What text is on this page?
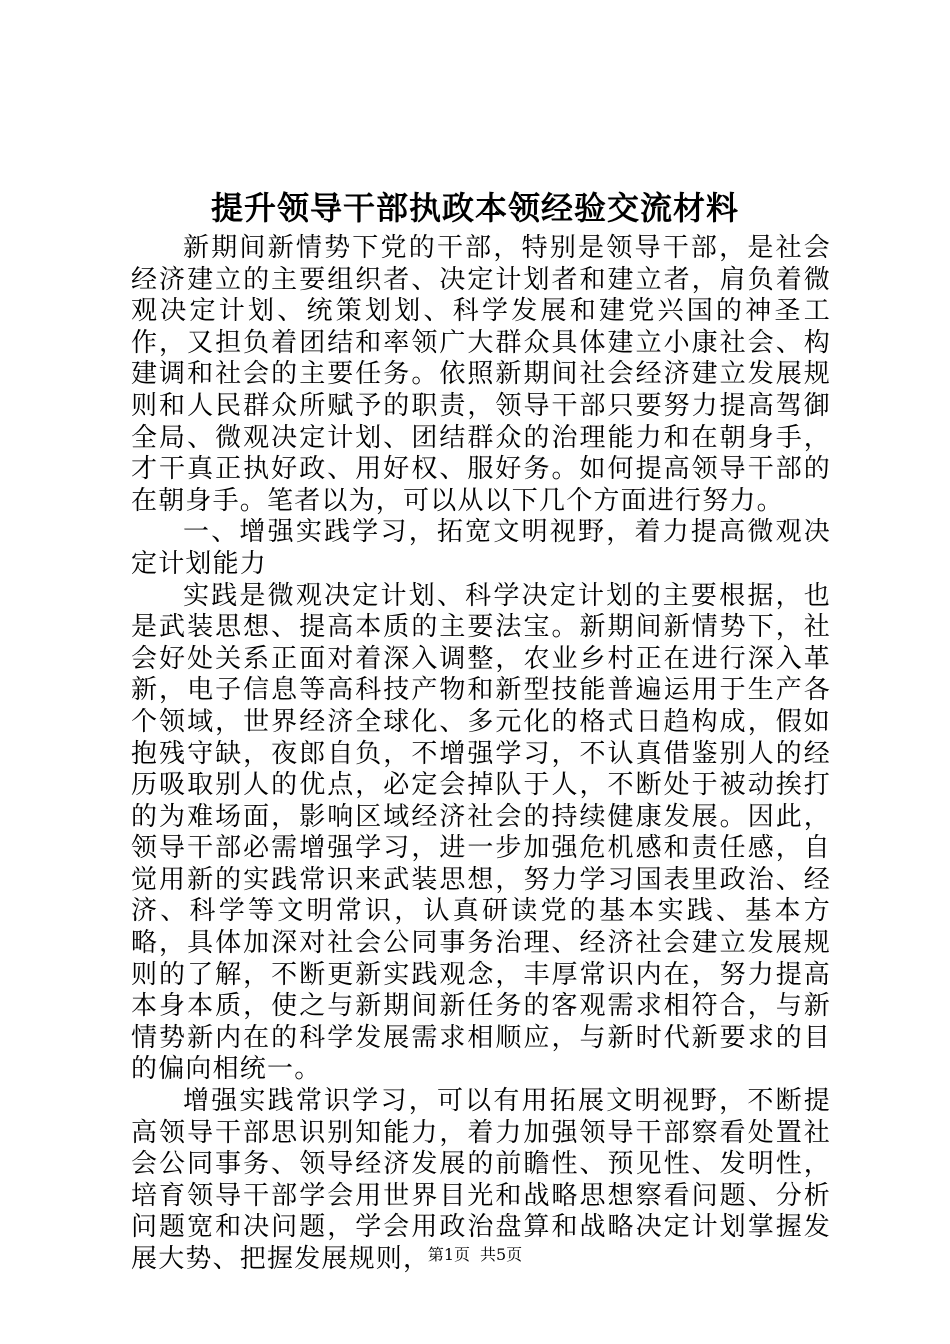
提升领导干部执政本领经验交流材料

新期间新情势下党的干部，特别是领导干部，是社会经济建立的主要组织者、决定计划者和建立者，肩负着微观决定计划、统策划划、科学发展和建党兴国的神圣工作，又担负着团结和率领广大群众具体建立小康社会、构建调和社会的主要任务。依照新期间社会经济建立发展规则和人民群众所赋予的职责，领导干部只要努力提高驾御全局、微观决定计划、团结群众的治理能力和在朝身手，才干真正执好政、用好权、服好务。如何提高领导干部的在朝身手。笔者以为，可以从以下几个方面进行努力。

一、增强实践学习，拓宽文明视野，着力提高微观决定计划能力

实践是微观决定计划、科学决定计划的主要根据，也是武装思想、提高本质的主要法宝。新期间新情势下，社会好处关系正面对着深入调整，农业乡村正在进行深入革新，电子信息等高科技产物和新型技能普遍运用于生产各个领域，世界经济全球化、多元化的格式日趋构成，假如抱残守缺，夜郎自负，不增强学习，不认真借鉴别人的经历吸取别人的优点，必定会掉队于人，不断处于被动挨打的为难场面，影响区域经济社会的持续健康发展。因此，领导干部必需增强学习，进一步加强危机感和责任感，自觉用新的实践常识来武装思想，努力学习国表里政治、经济、科学等文明常识，认真研读党的基本实践、基本方略，具体加深对社会公同事务治理、经济社会建立发展规则的了解，不断更新实践观念，丰厚常识内在，努力提高本身本质，使之与新期间新任务的客观需求相符合，与新情势新内在的科学发展需求相顺应，与新时代新要求的目的偏向相统一。

增强实践常识学习，可以有用拓展文明视野，不断提高领导干部思识别知能力，着力加强领导干部察看处置社会公同事务、领导经济发展的前瞻性、预见性、发明性，培育领导干部学会用世界目光和战略思想察看问题、分析问题宽和决问题，学会用政治盘算和战略决定计划掌握发展大势、把握发展规则，

第1页 共5页
